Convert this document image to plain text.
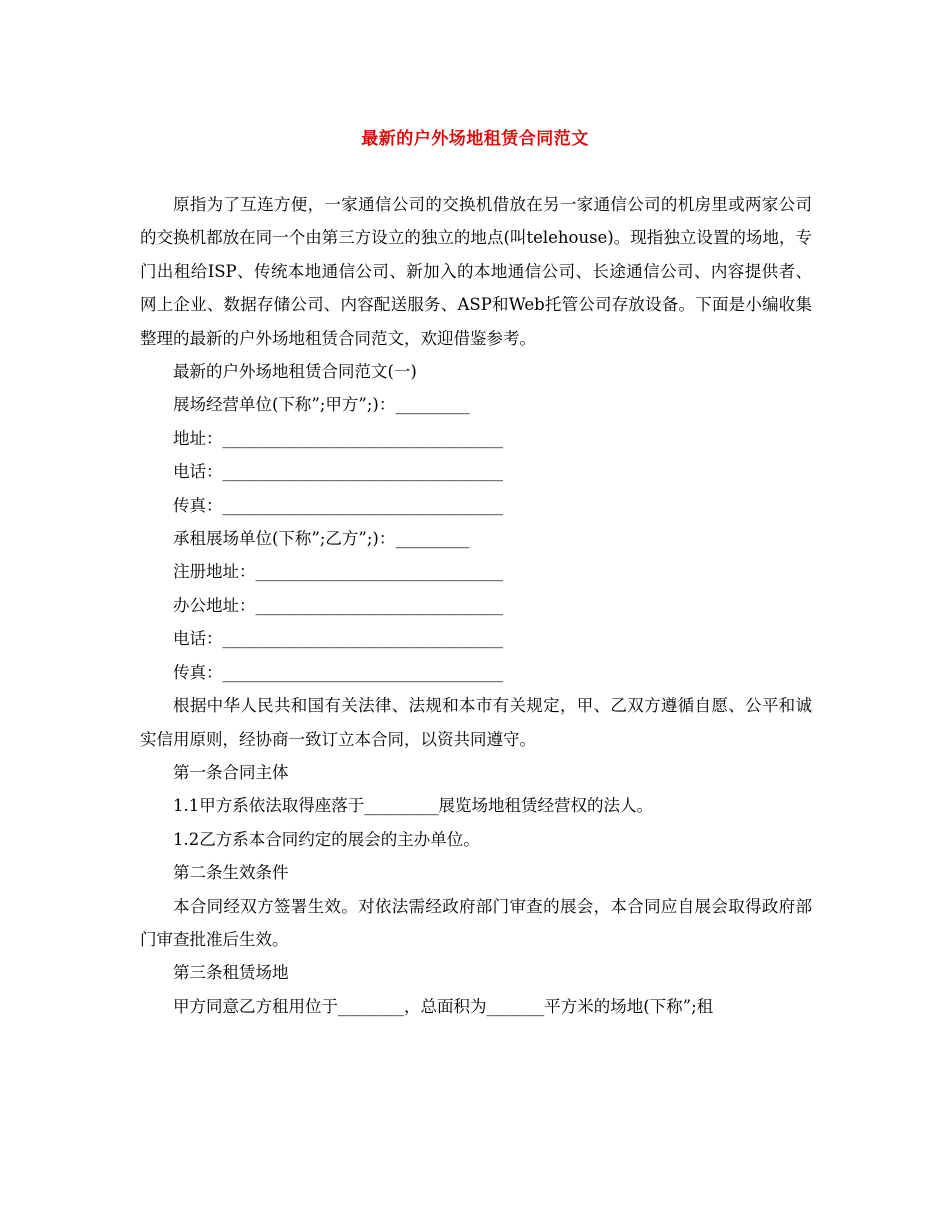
最新的户外场地租赁合同范文

原指为了互连方便，一家通信公司的交换机借放在另一家通信公司的机房里或两家公司的交换机都放在同一个由第三方设立的独立的地点(叫telehouse)。现指独立设置的场地，专门出租给ISP、传统本地通信公司、新加入的本地通信公司、长途通信公司、内容提供者、网上企业、数据存储公司、内容配送服务、ASP和Web托管公司存放设备。下面是小编收集整理的最新的户外场地租赁合同范文，欢迎借鉴参考。

最新的户外场地租赁合同范文(一)

展场经营单位(下称”;甲方”;)：_________

地址：__________________________________

电话：__________________________________

传真：__________________________________

承租展场单位(下称”;乙方”;)：_________

注册地址：______________________________

办公地址：______________________________

电话：__________________________________

传真：__________________________________

根据中华人民共和国有关法律、法规和本市有关规定，甲、乙双方遵循自愿、公平和诚实信用原则，经协商一致订立本合同，以资共同遵守。

第一条合同主体

1.1甲方系依法取得座落于_________展览场地租赁经营权的法人。

1.2乙方系本合同约定的展会的主办单位。

第二条生效条件

本合同经双方签署生效。对依法需经政府部门审查的展会，本合同应自展会取得政府部门审查批准后生效。

第三条租赁场地

甲方同意乙方租用位于________，总面积为_______平方米的场地(下称”;租
